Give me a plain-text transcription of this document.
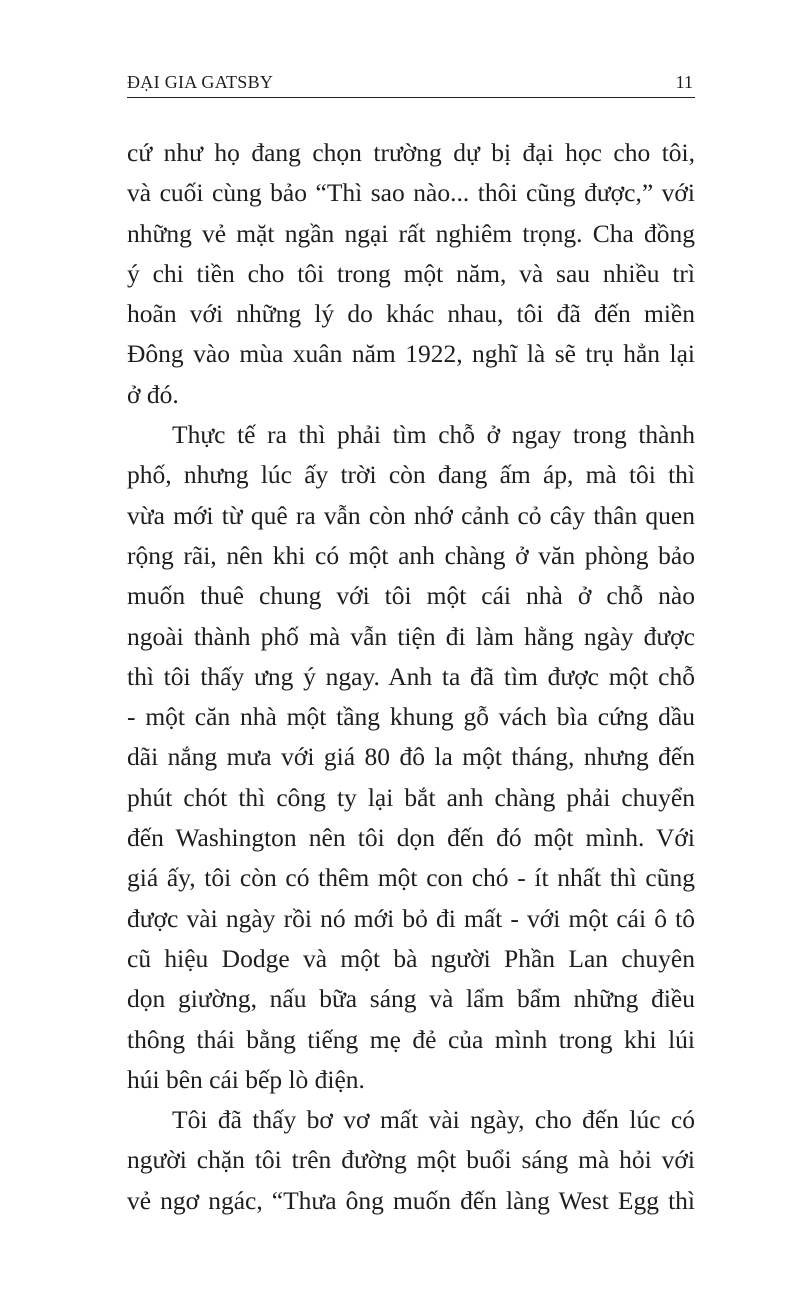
ĐẠI GIA GATSBY	11
cứ như họ đang chọn trường dự bị đại học cho tôi,
và cuối cùng bảo “Thì sao nào... thôi cũng được,” với
những vẻ mặt ngần ngại rất nghiêm trọng. Cha đồng
ý chi tiền cho tôi trong một năm, và sau nhiều trì
hoãn với những lý do khác nhau, tôi đã đến miền
Đông vào mùa xuân năm 1922, nghĩ là sẽ trụ hẳn lại
ở đó.
Thực tế ra thì phải tìm chỗ ở ngay trong thành
phố, nhưng lúc ấy trời còn đang ấm áp, mà tôi thì
vừa mới từ quê ra vẫn còn nhớ cảnh cỏ cây thân quen
rộng rãi, nên khi có một anh chàng ở văn phòng bảo
muốn thuê chung với tôi một cái nhà ở chỗ nào
ngoài thành phố mà vẫn tiện đi làm hằng ngày được
thì tôi thấy ưng ý ngay. Anh ta đã tìm được một chỗ
- một căn nhà một tầng khung gỗ vách bìa cứng dầu
dãi nắng mưa với giá 80 đô la một tháng, nhưng đến
phút chót thì công ty lại bắt anh chàng phải chuyển
đến Washington nên tôi dọn đến đó một mình. Với
giá ấy, tôi còn có thêm một con chó - ít nhất thì cũng
được vài ngày rồi nó mới bỏ đi mất - với một cái ô tô
cũ hiệu Dodge và một bà người Phần Lan chuyên
dọn giường, nấu bữa sáng và lẩm bẩm những điều
thông thái bằng tiếng mẹ đẻ của mình trong khi lúi
húi bên cái bếp lò điện.
Tôi đã thấy bơ vơ mất vài ngày, cho đến lúc có
người chặn tôi trên đường một buổi sáng mà hỏi với
vẻ ngơ ngác, “Thưa ông muốn đến làng West Egg thì
